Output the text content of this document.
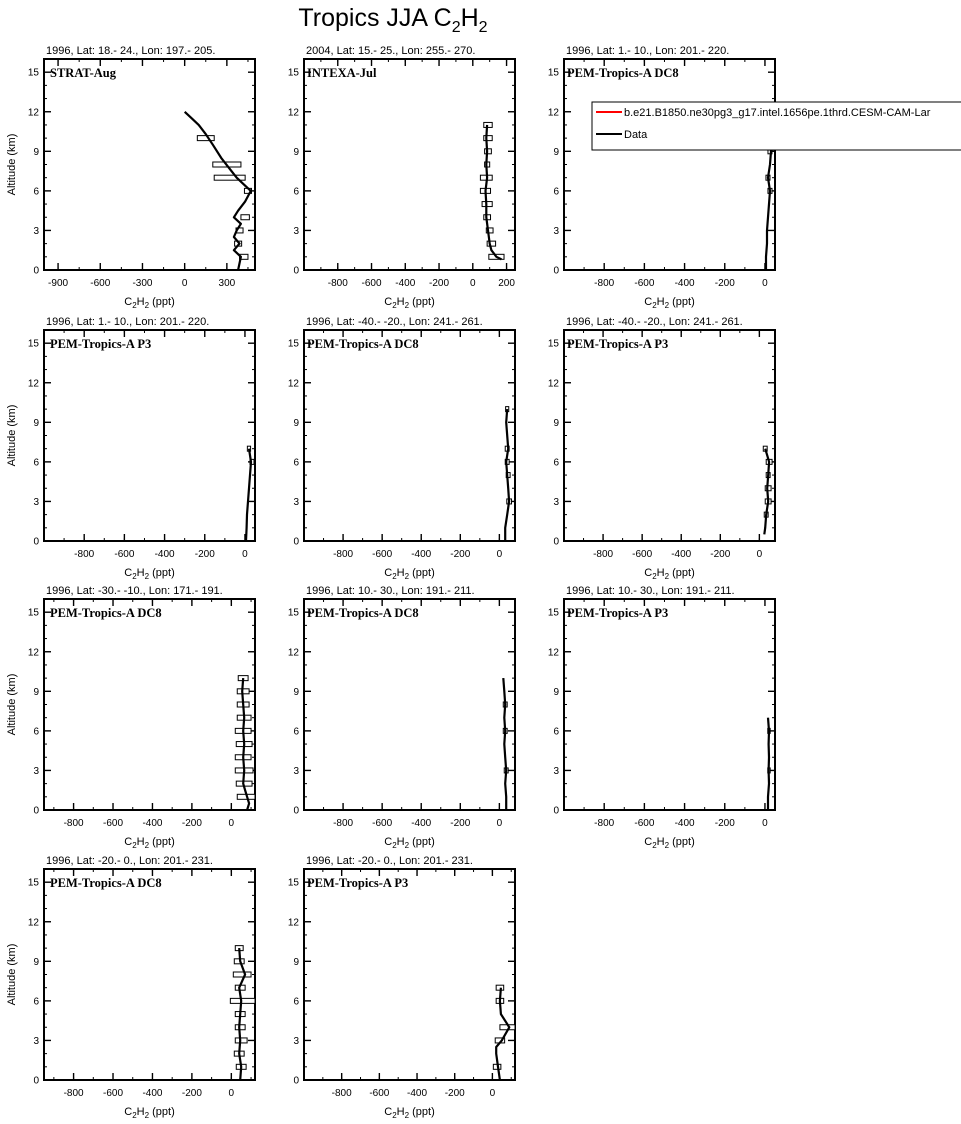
Tropics JJA $C_2H_2$
1996, Lat: 18.- 24., Lon: 197.- 205.
0
3
6
9
12
15
-900 -600 -300	0	300
$C_2H_2$ (ppt)
Altitude (km)
STRAT-Aug
2004, Lat: 15.- 25., Lon: 255.- 270.
0
3
6
9
12
15
-800 -600 -400 -200 0 200
$C_2H_2$ (ppt)
INTEXA-Jul
1996, Lat: 1.- 10., Lon: 201.- 220.
0
3
6
9
12
15
-800 -600 -400 -200	0
$C_2H_2$ (ppt)
PEM-Tropics-A DC8
1996, Lat: 1.- 10., Lon: 201.- 220.
0
3
6
9
12
15
-800 -600 -400 -200	0
$C_2H_2$ (ppt)
Altitude (km)
PEM-Tropics-A P3
1996, Lat: -40.- -20., Lon: 241.- 261.
0
3
6
9
12
15
-800 -600 -400 -200	0
$C_2H_2$ (ppt)
PEM-Tropics-A DC8
1996, Lat: -40.- -20., Lon: 241.- 261.
0
3
6
9
12
15
-800 -600 -400 -200	0
$C_2H_2$ (ppt)
PEM-Tropics-A P3
1996, Lat: -30.- -10., Lon: 171.- 191.
0
3
6
9
12
15
-800 -600 -400 -200	0
$C_2H_2$ (ppt)
Altitude (km)
PEM-Tropics-A DC8
1996, Lat: 10.- 30., Lon: 191.- 211.
0
3
6
9
12
15
-800 -600 -400 -200	0
$C_2H_2$ (ppt)
PEM-Tropics-A DC8
1996, Lat: 10.- 30., Lon: 191.- 211.
0
3
6
9
12
15
-800 -600 -400 -200	0
$C_2H_2$ (ppt)
PEM-Tropics-A P3
1996, Lat: -20.- 0., Lon: 201.- 231.
0
3
6
9
12
15
-800 -600 -400 -200	0
$C_2H_2$ (ppt)
Altitude (km)
PEM-Tropics-A DC8
1996, Lat: -20.- 0., Lon: 201.- 231.
0
3
6
9
12
15
-800 -600 -400 -200 0
$C_2H_2$ (ppt)
PEM-Tropics-A P3
b.e21.B1850.ne30pg3_g17.intel.1656pe.1thrd.CESM-CAM-Lar
Data
